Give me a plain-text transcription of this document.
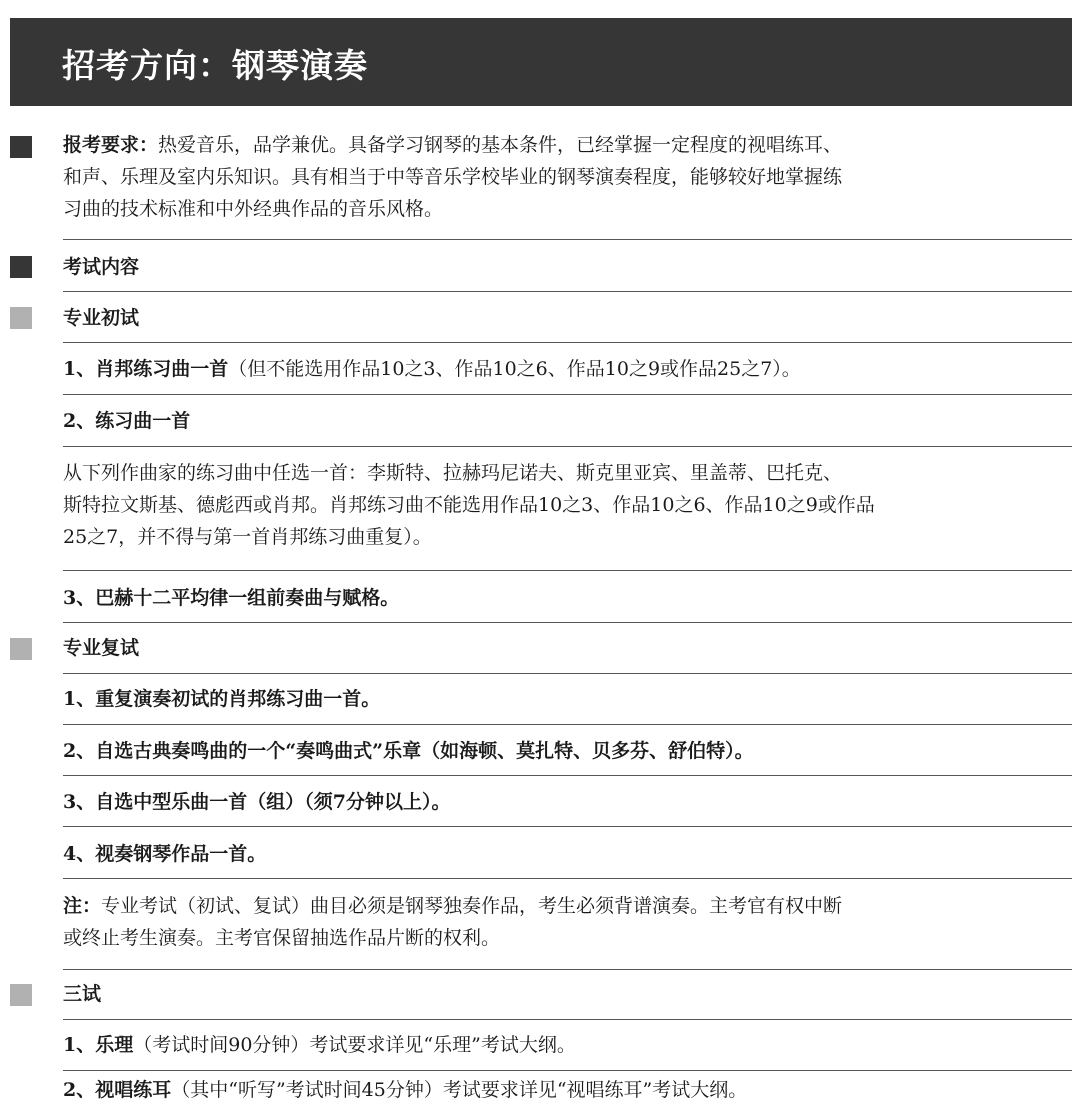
招考方向：钢琴演奏
报考要求：热爱音乐，品学兼优。具备学习钢琴的基本条件，已经掌握一定程度的视唱练耳、
和声、乐理及室内乐知识。具有相当于中等音乐学校毕业的钢琴演奏程度，能够较好地掌握练
习曲的技术标准和中外经典作品的音乐风格。
考试内容
专业初试
1、肖邦练习曲一首（但不能选用作品10之3、作品10之6、作品10之9或作品25之7）。
2、练习曲一首
从下列作曲家的练习曲中任选一首：李斯特、拉赫玛尼诺夫、斯克里亚宾、里盖蒂、巴托克、
斯特拉文斯基、德彪西或肖邦。肖邦练习曲不能选用作品10之3、作品10之6、作品10之9或作品
25之7，并不得与第一首肖邦练习曲重复）。
3、巴赫十二平均律一组前奏曲与赋格。
专业复试
1、重复演奏初试的肖邦练习曲一首。
2、自选古典奏鸣曲的一个“奏鸣曲式”乐章（如海顿、莫扎特、贝多芬、舒伯特）。
3、自选中型乐曲一首（组）（须7分钟以上）。
4、视奏钢琴作品一首。
注：专业考试（初试、复试）曲目必须是钢琴独奏作品，考生必须背谱演奏。主考官有权中断
或终止考生演奏。主考官保留抽选作品片断的权利。
三试
1、乐理（考试时间90分钟）考试要求详见“乐理”考试大纲。
2、视唱练耳（其中“听写”考试时间45分钟）考试要求详见“视唱练耳”考试大纲。
